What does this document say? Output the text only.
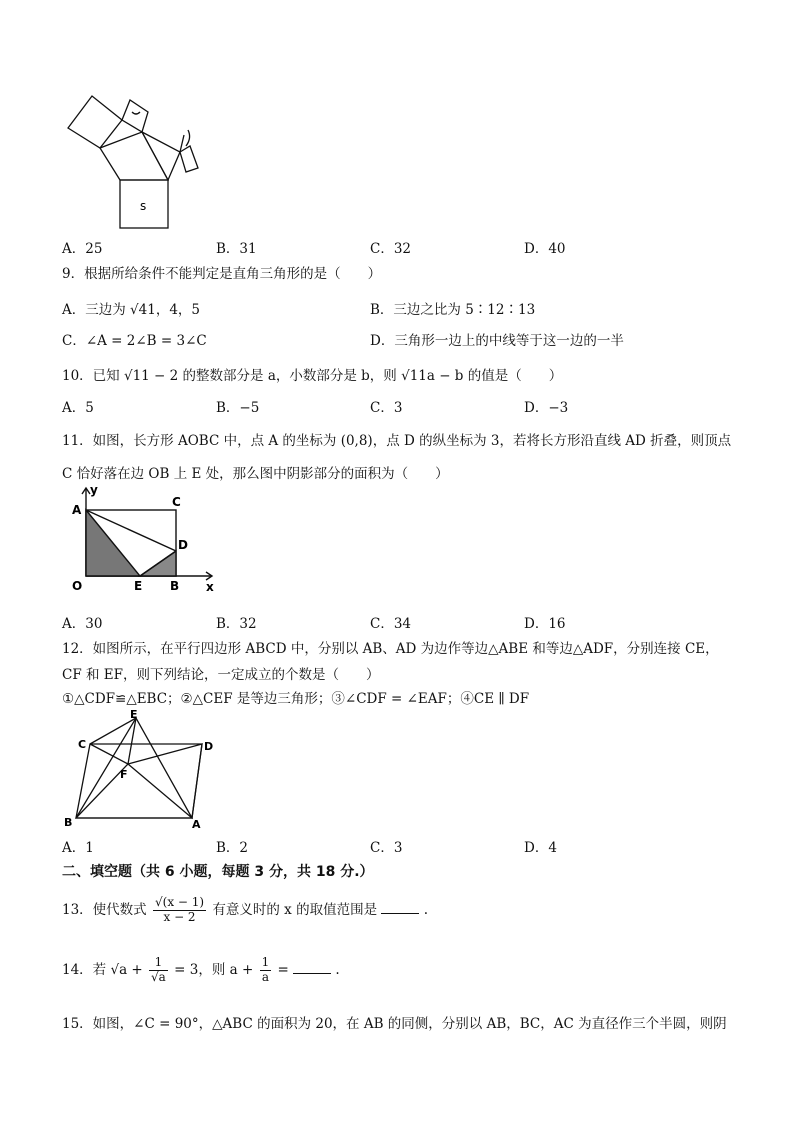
s
A．25	B．31	C．32	D．40
9．根据所给条件不能判定是直角三角形的是（　　）
A．三边为 √41，4，5	B．三边之比为 5∶12∶13
C．∠A = 2∠B = 3∠C	D．三角形一边上的中线等于这一边的一半
10．已知 √11 − 2 的整数部分是 a，小数部分是 b，则 √11a − b 的值是（　　）
A．5	B．−5	C．3	D．−3
11．如图，长方形 AOBC 中，点 A 的坐标为 (0,8)，点 D 的纵坐标为 3，若将长方形沿直线 AD 折叠，则顶点
C 恰好落在边 OB 上 E 处，那么图中阴影部分的面积为（　　）
y
x
A
C
D
O	E B
A．30	B．32	C．34	D．16
12．如图所示，在平行四边形 ABCD 中，分别以 AB、AD 为边作等边△ABE 和等边△ADF，分别连接 CE，
CF 和 EF，则下列结论，一定成立的个数是（　　）
①△CDF≌△EBC；②△CEF 是等边三角形；③∠CDF = ∠EAF；④CE ∥ DF
E
C	D
F
B	A
A．1	B．2	C．3	D．4
二、填空题（共 6 小题，每题 3 分，共 18 分.）
13．使代数式 $\frac{√(x - 1)}{x - 2}$ 有意义时的 x 的取值范围是	.
14．若 $√a + \frac{1}{√a} = 3$，则 $a + \frac{1}{a}$ =	.
15．如图，∠C = 90°，△ABC 的面积为 20，在 AB 的同侧，分别以 AB，BC，AC 为直径作三个半圆，则阴
